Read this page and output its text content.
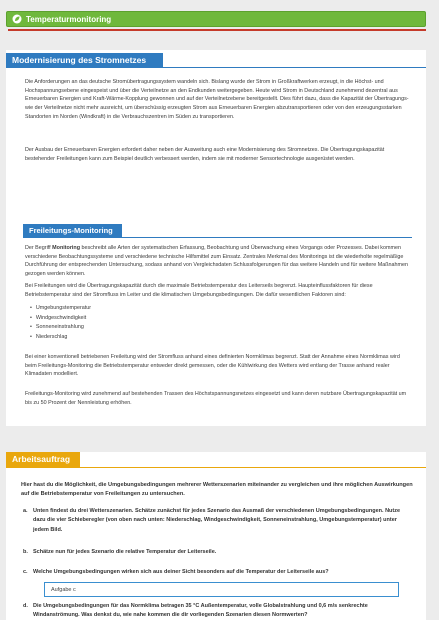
Temperaturmonitoring
Modernisierung des Stromnetzes

Die Anforderungen an das deutsche Stromübertragungssystem wandeln sich. Bislang wurde der Strom in Großkraftwerken erzeugt, in die Höchst- und Hochspannungsebene eingespeist und über die Verteilnetze an den Endkunden weitergegeben. Heute wird Strom in Deutschland zunehmend dezentral aus Erneuerbaren Energien und Kraft-Wärme-Kopplung gewonnen und auf der Verteilnetzebene bereitgestellt. Dies führt dazu, dass die Kapazität der Übertragungs- wie der Verteilnetze nicht mehr ausreicht, um überschüssig erzeugten Strom aus Erneuerbaren Energien abzutransportieren oder von den erzeugungsstarken Standorten im Norden (Windkraft) in die Verbrauchszentren im Süden zu transportieren.

Der Ausbau der Erneuerbaren Energien erfordert daher neben der Ausweitung auch eine Modernisierung des Stromnetzes. Die Übertragungskapazität bestehender Freileitungen kann zum Beispiel deutlich verbessert werden, indem sie mit moderner Sensortechnologie ausgerüstet werden.

Freileitungs-Monitoring

Der Begriff Monitoring beschreibt alle Arten der systematischen Erfassung, Beobachtung und Überwachung eines Vorgangs oder Prozesses. Dabei kommen verschiedene Beobachtungssysteme und verschiedene technische Hilfsmittel zum Einsatz. Zentrales Merkmal des Monitorings ist die wiederholte regelmäßige Durchführung der entsprechenden Untersuchung, sodass anhand von Vergleichsdaten Schlussfolgerungen für das weitere Handeln und für weitere Maßnahmen gezogen werden können.

Bei Freileitungen wird die Übertragungskapazität durch die maximale Betriebstemperatur des Leiterseils begrenzt. Haupteinflussfaktoren für diese Betriebstemperatur sind der Stromfluss im Leiter und die klimatischen Umgebungsbedingungen. Die dafür wesentlichen Faktoren sind:

• Umgebungstemperatur
• Windgeschwindigkeit
• Sonneneinstrahlung
• Niederschlag

Bei einer konventionell betriebenen Freileitung wird der Stromfluss anhand eines definierten Normklimas begrenzt. Statt der Annahme eines Normklimas wird beim Freileitungs-Monitoring die Betriebstemperatur entweder direkt gemessen, oder die Kühlwirkung des Wetters wird entlang der Trasse anhand realer Klimadaten modelliert.

Freileitungs-Monitoring wird zunehmend auf bestehenden Trassen des Höchstspannungsnetzes eingesetzt und kann deren nutzbare Übertragungskapazität um bis zu 50 Prozent der Nennleistung erhöhen.

Arbeitsauftrag

Hier hast du die Möglichkeit, die Umgebungsbedingungen mehrerer Wetterszenarien miteinander zu vergleichen und ihre möglichen Auswirkungen auf die Betriebstemperatur von Freileitungen zu untersuchen.

a. Unten findest du drei Wetterszenarien. Schätze zunächst für jedes Szenario das Ausmaß der verschiedenen Umgebungsbedingungen. Nutze dazu die vier Schieberegler (von oben nach unten: Niederschlag, Windgeschwindigkeit, Sonneneinstrahlung, Umgebungstemperatur) unter jedem Bild.

b. Schätze nun für jedes Szenario die relative Temperatur der Leiterseile.

c. Welche Umgebungsbedingungen wirken sich aus deiner Sicht besonders auf die Temperatur der Leiterseile aus?

Aufgabe c

d. Die Umgebungsbedingungen für das Normklima betragen 35 °C Außentemperatur, volle Globalstrahlung und 0,6 m/s senkrechte Windanströmung. Was denkst du, wie nahe kommen die dir vorliegenden Szenarien diesen Normwerten?
